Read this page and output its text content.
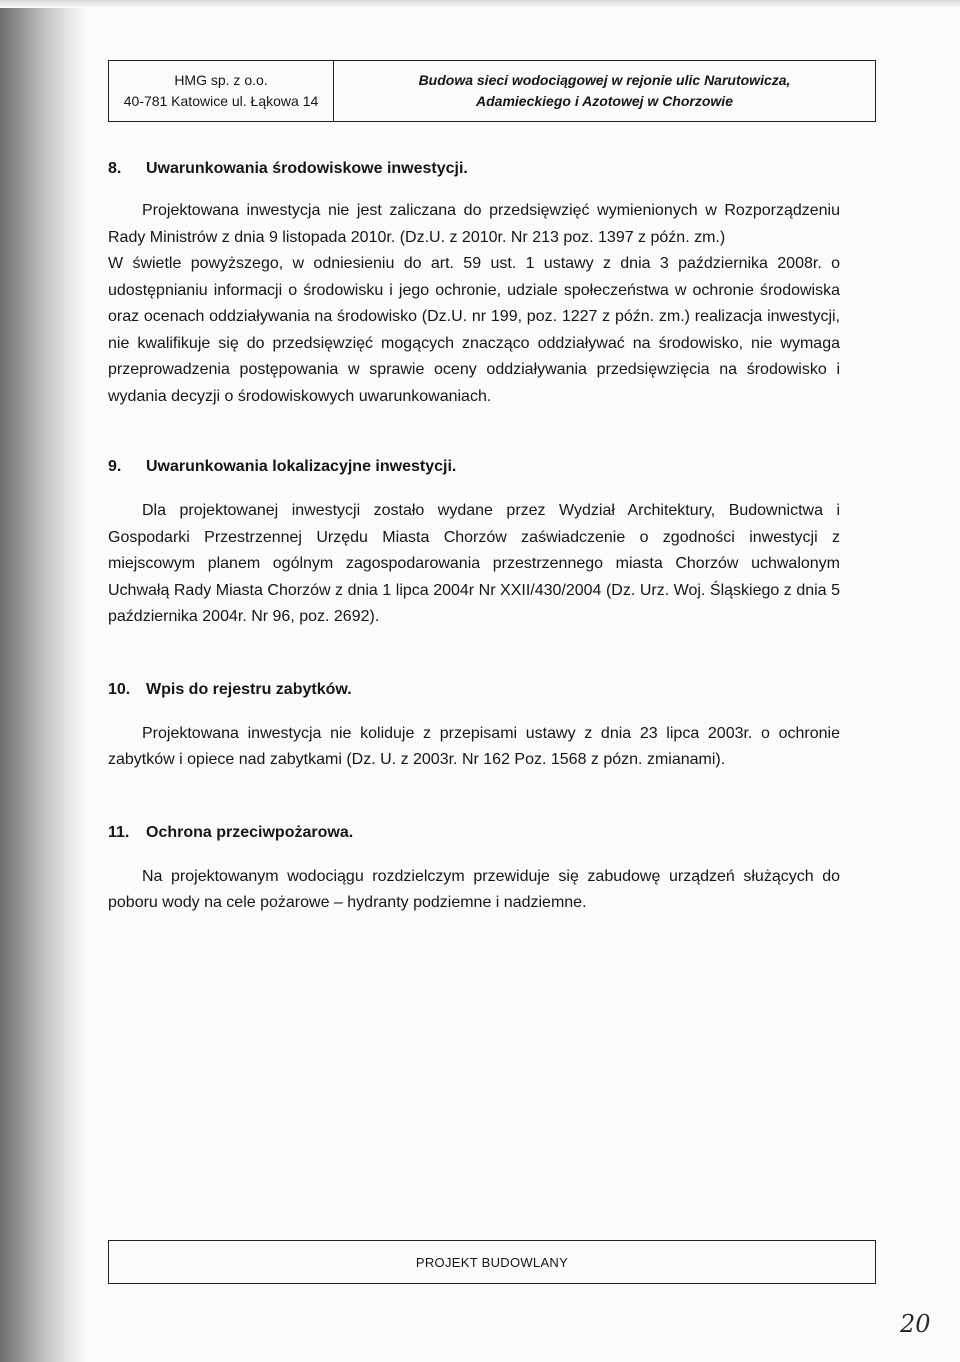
HMG sp. z o.o.
40-781 Katowice ul. Łąkowa 14
Budowa sieci wodociągowej w rejonie ulic Narutowicza,
Adamieckiego i Azotowej w Chorzowie
8.	Uwarunkowania środowiskowe inwestycji.

Projektowana inwestycja nie jest zaliczana do przedsięwzięć wymienionych w Rozporządzeniu Rady Ministrów z dnia 9 listopada 2010r. (Dz.U. z 2010r. Nr 213 poz. 1397 z późn. zm.)

W świetle powyższego, w odniesieniu do art. 59 ust. 1 ustawy z dnia 3 października 2008r. o udostępnianiu informacji o środowisku i jego ochronie, udziale społeczeństwa w ochronie środowiska oraz ocenach oddziaływania na środowisko (Dz.U. nr 199, poz. 1227 z późn. zm.) realizacja inwestycji, nie kwalifikuje się do przedsięwzięć mogących znacząco oddziaływać na środowisko, nie wymaga przeprowadzenia postępowania w sprawie oceny oddziaływania przedsięwzięcia na środowisko i wydania decyzji o środowiskowych uwarunkowaniach.

9.	Uwarunkowania lokalizacyjne inwestycji.

Dla projektowanej inwestycji zostało wydane przez Wydział Architektury, Budownictwa i Gospodarki Przestrzennej Urzędu Miasta Chorzów zaświadczenie o zgodności inwestycji z miejscowym planem ogólnym zagospodarowania przestrzennego miasta Chorzów uchwalonym Uchwałą Rady Miasta Chorzów z dnia 1 lipca 2004r Nr XXII/430/2004 (Dz. Urz. Woj. Śląskiego z dnia 5 października 2004r. Nr 96, poz. 2692).

10. Wpis do rejestru zabytków.

Projektowana inwestycja nie koliduje z przepisami ustawy z dnia 23 lipca 2003r. o ochronie zabytków i opiece nad zabytkami (Dz. U. z 2003r. Nr 162 Poz. 1568 z pózn. zmianami).

11. Ochrona przeciwpożarowa.

Na projektowanym wodociągu rozdzielczym przewiduje się zabudowę urządzeń służących do poboru wody na cele pożarowe – hydranty podziemne i nadziemne.

PROJEKT BUDOWLANY
20
